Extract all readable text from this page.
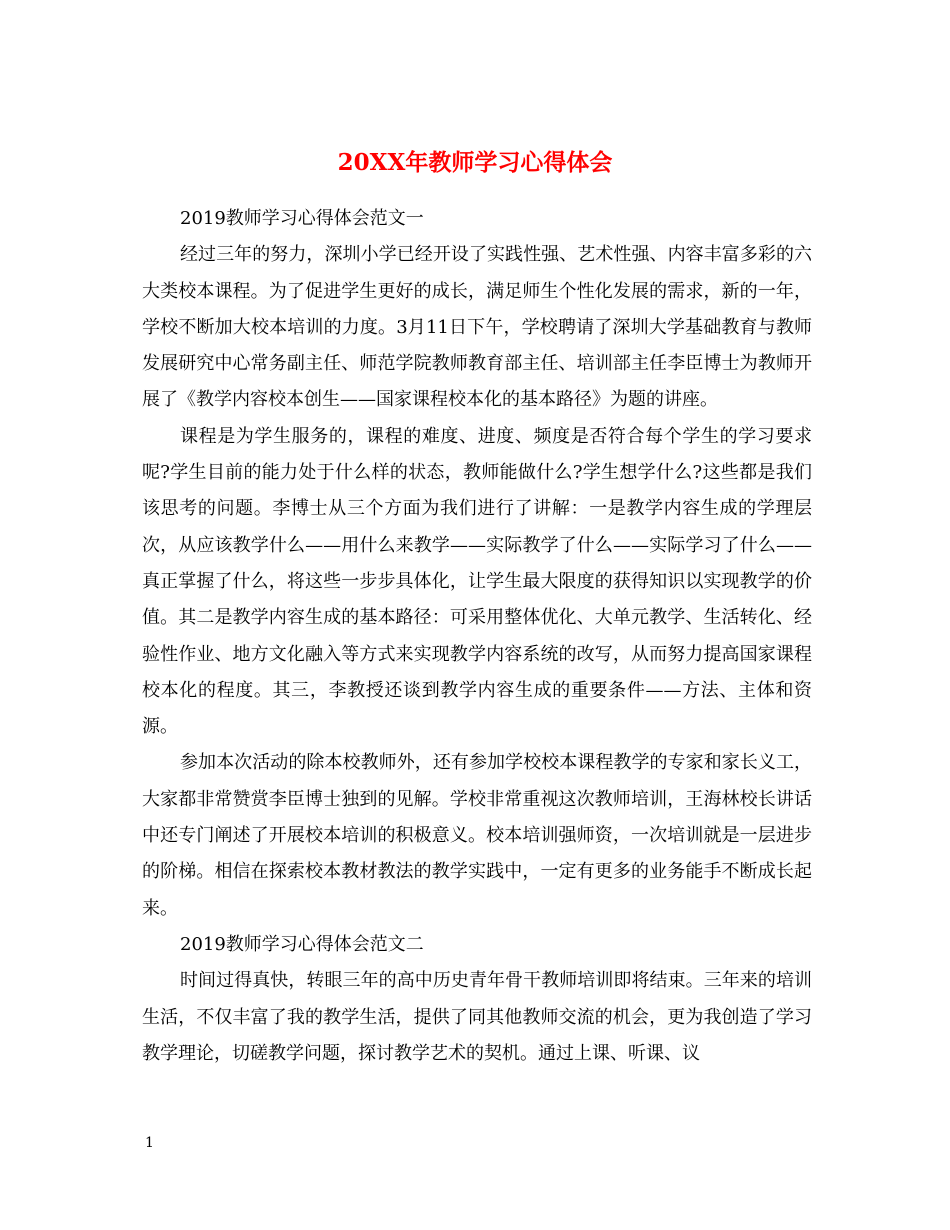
20XX年教师学习心得体会

2019教师学习心得体会范文一

经过三年的努力，深圳小学已经开设了实践性强、艺术性强、内容丰富多彩的六大类校本课程。为了促进学生更好的成长，满足师生个性化发展的需求，新的一年，学校不断加大校本培训的力度。3月11日下午，学校聘请了深圳大学基础教育与教师发展研究中心常务副主任、师范学院教师教育部主任、培训部主任李臣博士为教师开展了《教学内容校本创生——国家课程校本化的基本路径》为题的讲座。

课程是为学生服务的，课程的难度、进度、频度是否符合每个学生的学习要求呢?学生目前的能力处于什么样的状态，教师能做什么?学生想学什么?这些都是我们该思考的问题。李博士从三个方面为我们进行了讲解：一是教学内容生成的学理层次，从应该教学什么——用什么来教学——实际教学了什么——实际学习了什么——真正掌握了什么，将这些一步步具体化，让学生最大限度的获得知识以实现教学的价值。其二是教学内容生成的基本路径：可采用整体优化、大单元教学、生活转化、经验性作业、地方文化融入等方式来实现教学内容系统的改写，从而努力提高国家课程校本化的程度。其三，李教授还谈到教学内容生成的重要条件——方法、主体和资源。

参加本次活动的除本校教师外，还有参加学校校本课程教学的专家和家长义工，大家都非常赞赏李臣博士独到的见解。学校非常重视这次教师培训，王海林校长讲话中还专门阐述了开展校本培训的积极意义。校本培训强师资，一次培训就是一层进步的阶梯。相信在探索校本教材教法的教学实践中，一定有更多的业务能手不断成长起来。

2019教师学习心得体会范文二

时间过得真快，转眼三年的高中历史青年骨干教师培训即将结束。三年来的培训生活，不仅丰富了我的教学生活，提供了同其他教师交流的机会，更为我创造了学习教学理论，切磋教学问题，探讨教学艺术的契机。通过上课、听课、议

1
